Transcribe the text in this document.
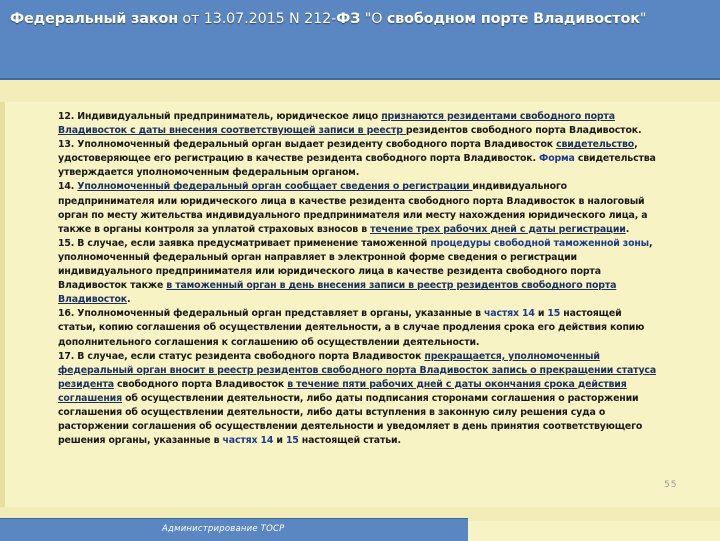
Федеральный закон от 13.07.2015 N 212-ФЗ "О свободном порте Владивосток"

12. Индивидуальный предприниматель, юридическое лицо признаются резидентами свободного порта Владивосток с даты внесения соответствующей записи в реестр резидентов свободного порта Владивосток.

13. Уполномоченный федеральный орган выдает резиденту свободного порта Владивосток свидетельство, удостоверяющее его регистрацию в качестве резидента свободного порта Владивосток. Форма свидетельства утверждается уполномоченным федеральным органом.

14. Уполномоченный федеральный орган сообщает сведения о регистрации индивидуального предпринимателя или юридического лица в качестве резидента свободного порта Владивосток в налоговый орган по месту жительства индивидуального предпринимателя или месту нахождения юридического лица, а также в органы контроля за уплатой страховых взносов в течение трех рабочих дней с даты регистрации.

15. В случае, если заявка предусматривает применение таможенной процедуры свободной таможенной зоны, уполномоченный федеральный орган направляет в электронной форме сведения о регистрации индивидуального предпринимателя или юридического лица в качестве резидента свободного порта Владивосток также в таможенный орган в день внесения записи в реестр резидентов свободного порта Владивосток.

16. Уполномоченный федеральный орган представляет в органы, указанные в частях 14 и 15 настоящей статьи, копию соглашения об осуществлении деятельности, а в случае продления срока его действия копию дополнительного соглашения к соглашению об осуществлении деятельности.

17. В случае, если статус резидента свободного порта Владивосток прекращается, уполномоченный федеральный орган вносит в реестр резидентов свободного порта Владивосток запись о прекращении статуса резидента свободного порта Владивосток в течение пяти рабочих дней с даты окончания срока действия соглашения об осуществлении деятельности, либо даты подписания сторонами соглашения о расторжении соглашения об осуществлении деятельности, либо даты вступления в законную силу решения суда о расторжении соглашения об осуществлении деятельности и уведомляет в день принятия соответствующего решения органы, указанные в частях 14 и 15 настоящей статьи.

55
Администрирование ТОСР
